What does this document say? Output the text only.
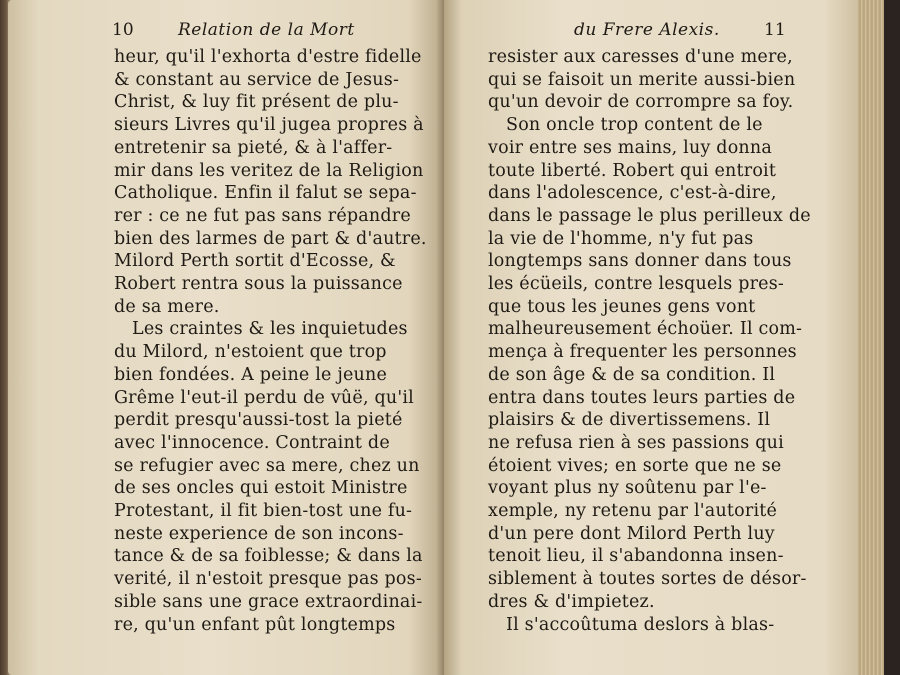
10	Relation de la Mort
heur, qu'il l'exhorta d'estre fidelle
& constant au service de Jesus-
Christ, & luy fit présent de plu-
sieurs Livres qu'il jugea propres à
entretenir sa pieté, & à l'affer-
mir dans les veritez de la Religion
Catholique. Enfin il falut se sepa-
rer : ce ne fut pas sans répandre
bien des larmes de part & d'autre.
Milord Perth sortit d'Ecosse, &
Robert rentra sous la puissance
de sa mere.
Les craintes & les inquietudes
du Milord, n'estoient que trop
bien fondées. A peine le jeune
Grême l'eut-il perdu de vûë, qu'il
perdit presqu'aussi-tost la pieté
avec l'innocence. Contraint de
se refugier avec sa mere, chez un
de ses oncles qui estoit Ministre
Protestant, il fit bien-tost une fu-
neste experience de son incons-
tance & de sa foiblesse; & dans la
verité, il n'estoit presque pas pos-
sible sans une grace extraordinai-
re, qu'un enfant pût longtemps
du Frere Alexis.	11
resister aux caresses d'une mere,
qui se faisoit un merite aussi-bien
qu'un devoir de corrompre sa foy.
Son oncle trop content de le
voir entre ses mains, luy donna
toute liberté. Robert qui entroit
dans l'adolescence, c'est-à-dire,
dans le passage le plus perilleux de
la vie de l'homme, n'y fut pas
longtemps sans donner dans tous
les écüeils, contre lesquels pres-
que tous les jeunes gens vont
malheureusement échoüer. Il com-
mença à frequenter les personnes
de son âge & de sa condition. Il
entra dans toutes leurs parties de
plaisirs & de divertissemens. Il
ne refusa rien à ses passions qui
étoient vives; en sorte que ne se
voyant plus ny soûtenu par l'e-
xemple, ny retenu par l'autorité
d'un pere dont Milord Perth luy
tenoit lieu, il s'abandonna insen-
siblement à toutes sortes de désor-
dres & d'impietez.
Il s'accoûtuma deslors à blas-
